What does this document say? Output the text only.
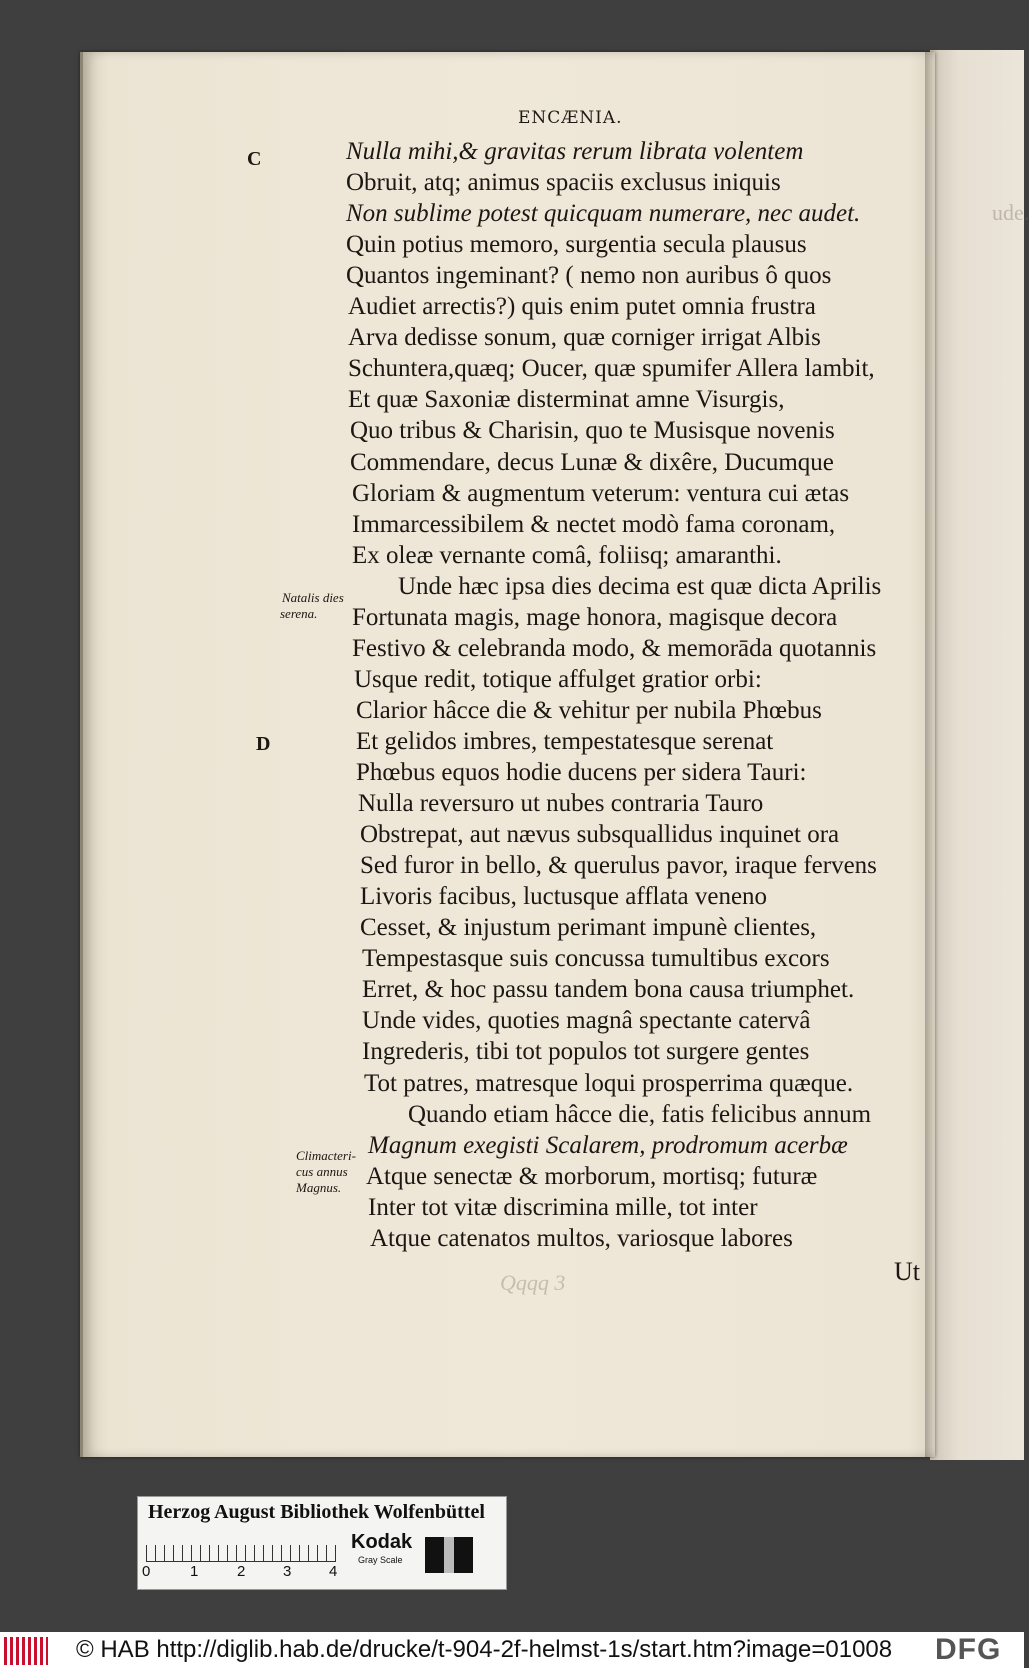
ude.
ENCÆNIA.
C
D
Natalis dies
serena.
Climacteri-
cus annus
Magnus.
Nulla mihi,& gravitas rerum librata volentem
Obruit, atq; animus spaciis exclusus iniquis
Non sublime potest quicquam numerare, nec audet.
Quin potius memoro, surgentia secula plausus
Quantos ingeminant? ( nemo non auribus ô quos
Audiet arrectis?) quis enim putet omnia frustra
Arva dedisse sonum, quæ corniger irrigat Albis
Schuntera,quæq; Oucer, quæ spumifer Allera lambit,
Et quæ Saxoniæ disterminat amne Visurgis,
Quo tribus & Charisin, quo te Musisque novenis
Commendare, decus Lunæ & dixêre, Ducumque
Gloriam & augmentum veterum: ventura cui ætas
Immarcessibilem & nectet modò fama coronam,
Ex oleæ vernante comâ, foliisq; amaranthi.
Unde hæc ipsa dies decima est quæ dicta Aprilis
Fortunata magis, mage honora, magisque decora
Festivo & celebranda modo, & memorāda quotannis
Usque redit, totique affulget gratior orbi:
Clarior hâcce die & vehitur per nubila Phœbus
Et gelidos imbres, tempestatesque serenat
Phœbus equos hodie ducens per sidera Tauri:
Nulla reversuro ut nubes contraria Tauro
Obstrepat, aut nævus subsquallidus inquinet ora
Sed furor in bello, & querulus pavor, iraque fervens
Livoris facibus, luctusque afflata veneno
Cesset, & injustum perimant impunè clientes,
Tempestasque suis concussa tumultibus excors
Erret, & hoc passu tandem bona causa triumphet.
Unde vides, quoties magnâ spectante catervâ
Ingrederis, tibi tot populos tot surgere gentes
Tot patres, matresque loqui prosperrima quæque.
Quando etiam hâcce die, fatis felicibus annum
Magnum exegisti Scalarem, prodromum acerbæ
Atque senectæ & morborum, mortisq; futuræ
Inter tot vitæ discrimina mille, tot inter
Atque catenatos multos, variosque labores
Ut
Qqqq 3
Herzog August Bibliothek Wolfenbüttel
0	1	2	3	4
Kodak
Gray Scale
© HAB http://diglib.hab.de/drucke/t-904-2f-helmst-1s/start.htm?image=01008 DFG
